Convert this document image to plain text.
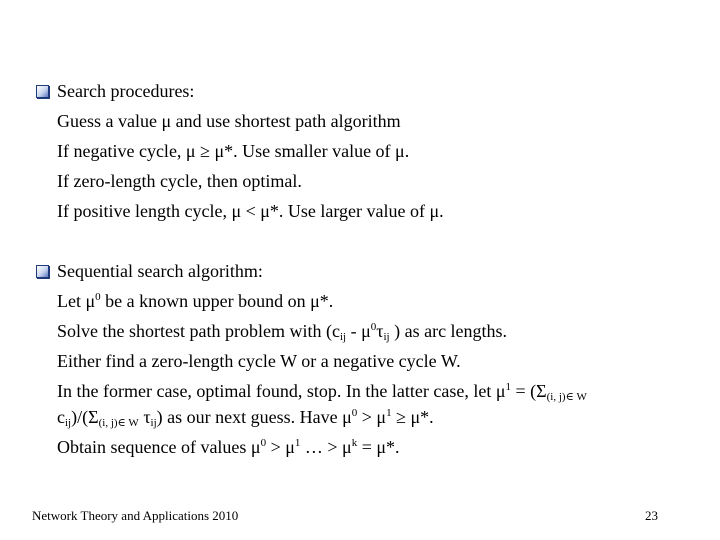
Search procedures:
Guess a value μ and use shortest path algorithm
If negative cycle, μ ≥ μ*. Use smaller value of μ.
If zero-length cycle, then optimal.
If positive length cycle, μ < μ*. Use larger value of μ.
Sequential search algorithm:
Let $\mu^0$ be a known upper bound on μ*.
Solve the shortest path problem with ($c_{ij} - \mu^0\tau_{ij}$ ) as arc lengths.
Either find a zero-length cycle W or a negative cycle W.
In the former case, optimal found, stop. In the latter case, let $\mu^1 = (\Sigma_{(i, j)\in W}$
$c_{ij})/(\Sigma_{(i, j)\in W}$ $\tau_{ij}$) as our next guess. Have $\mu^0 > \mu^1 \ge \mu*$.
Obtain sequence of values $\mu^0 > \mu^1$ … > $\mu^k = \mu*$.
Network Theory and Applications 2010	23
